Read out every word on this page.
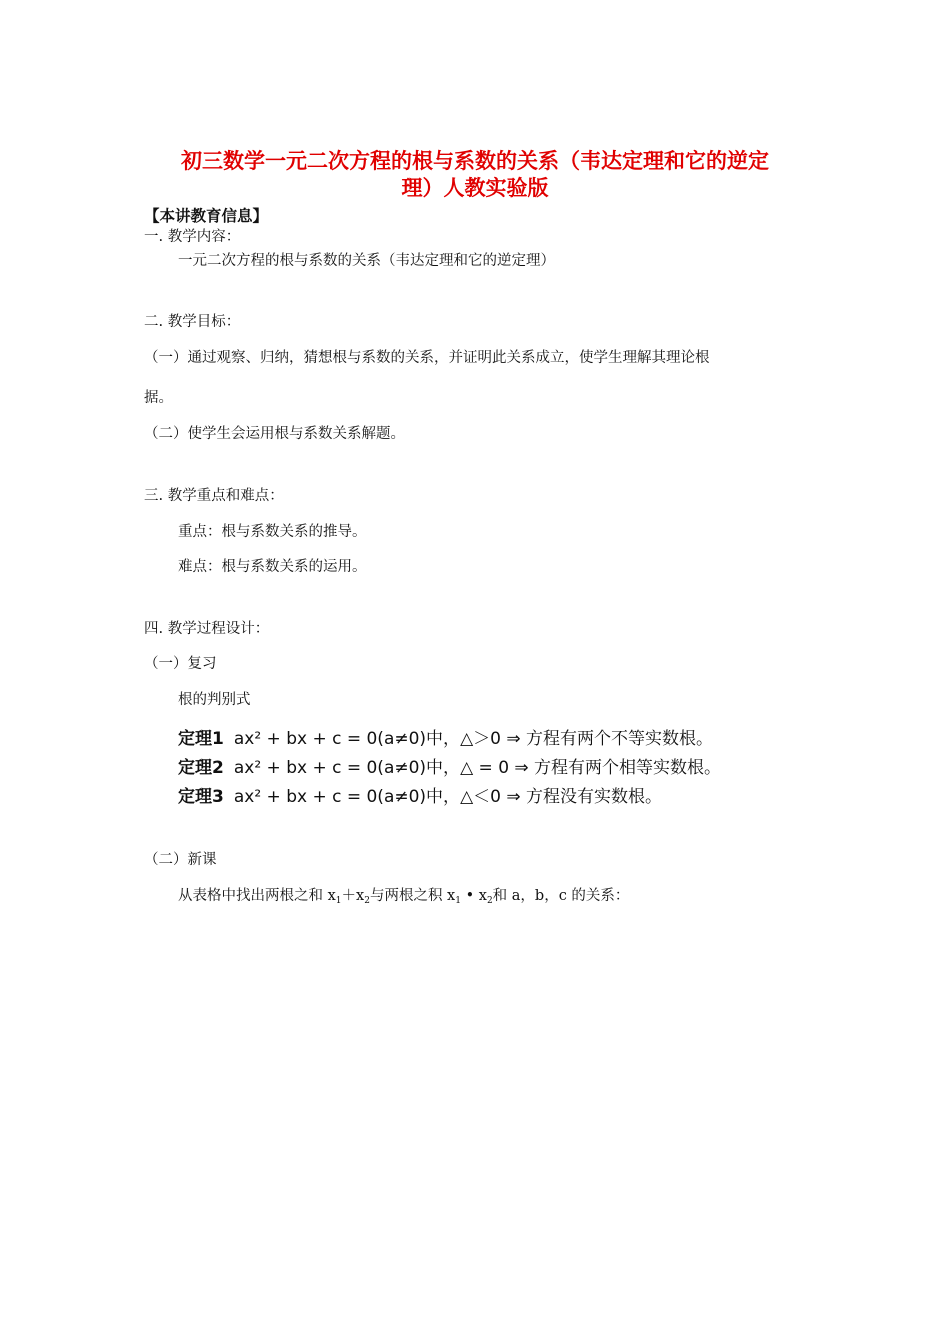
初三数学一元二次方程的根与系数的关系（韦达定理和它的逆定
理）人教实验版
【本讲教育信息】
一. 教学内容：
一元二次方程的根与系数的关系（韦达定理和它的逆定理）
二. 教学目标：
（一）通过观察、归纳，猜想根与系数的关系，并证明此关系成立，使学生理解其理论根
据。
（二）使学生会运用根与系数关系解题。
三. 教学重点和难点：
重点：根与系数关系的推导。
难点：根与系数关系的运用。
四. 教学过程设计：
（一）复习
根的判别式
定理1 ax² + bx + c = 0(a≠0)中，△＞0 ⇒ 方程有两个不等实数根。
定理2 ax² + bx + c = 0(a≠0)中，△ = 0 ⇒ 方程有两个相等实数根。
定理3 ax² + bx + c = 0(a≠0)中，△＜0 ⇒ 方程没有实数根。
（二）新课
从表格中找出两根之和 $x_1+x_2$与两根之积 $x_1$ • $x_2$和 a，b，c 的关系：
